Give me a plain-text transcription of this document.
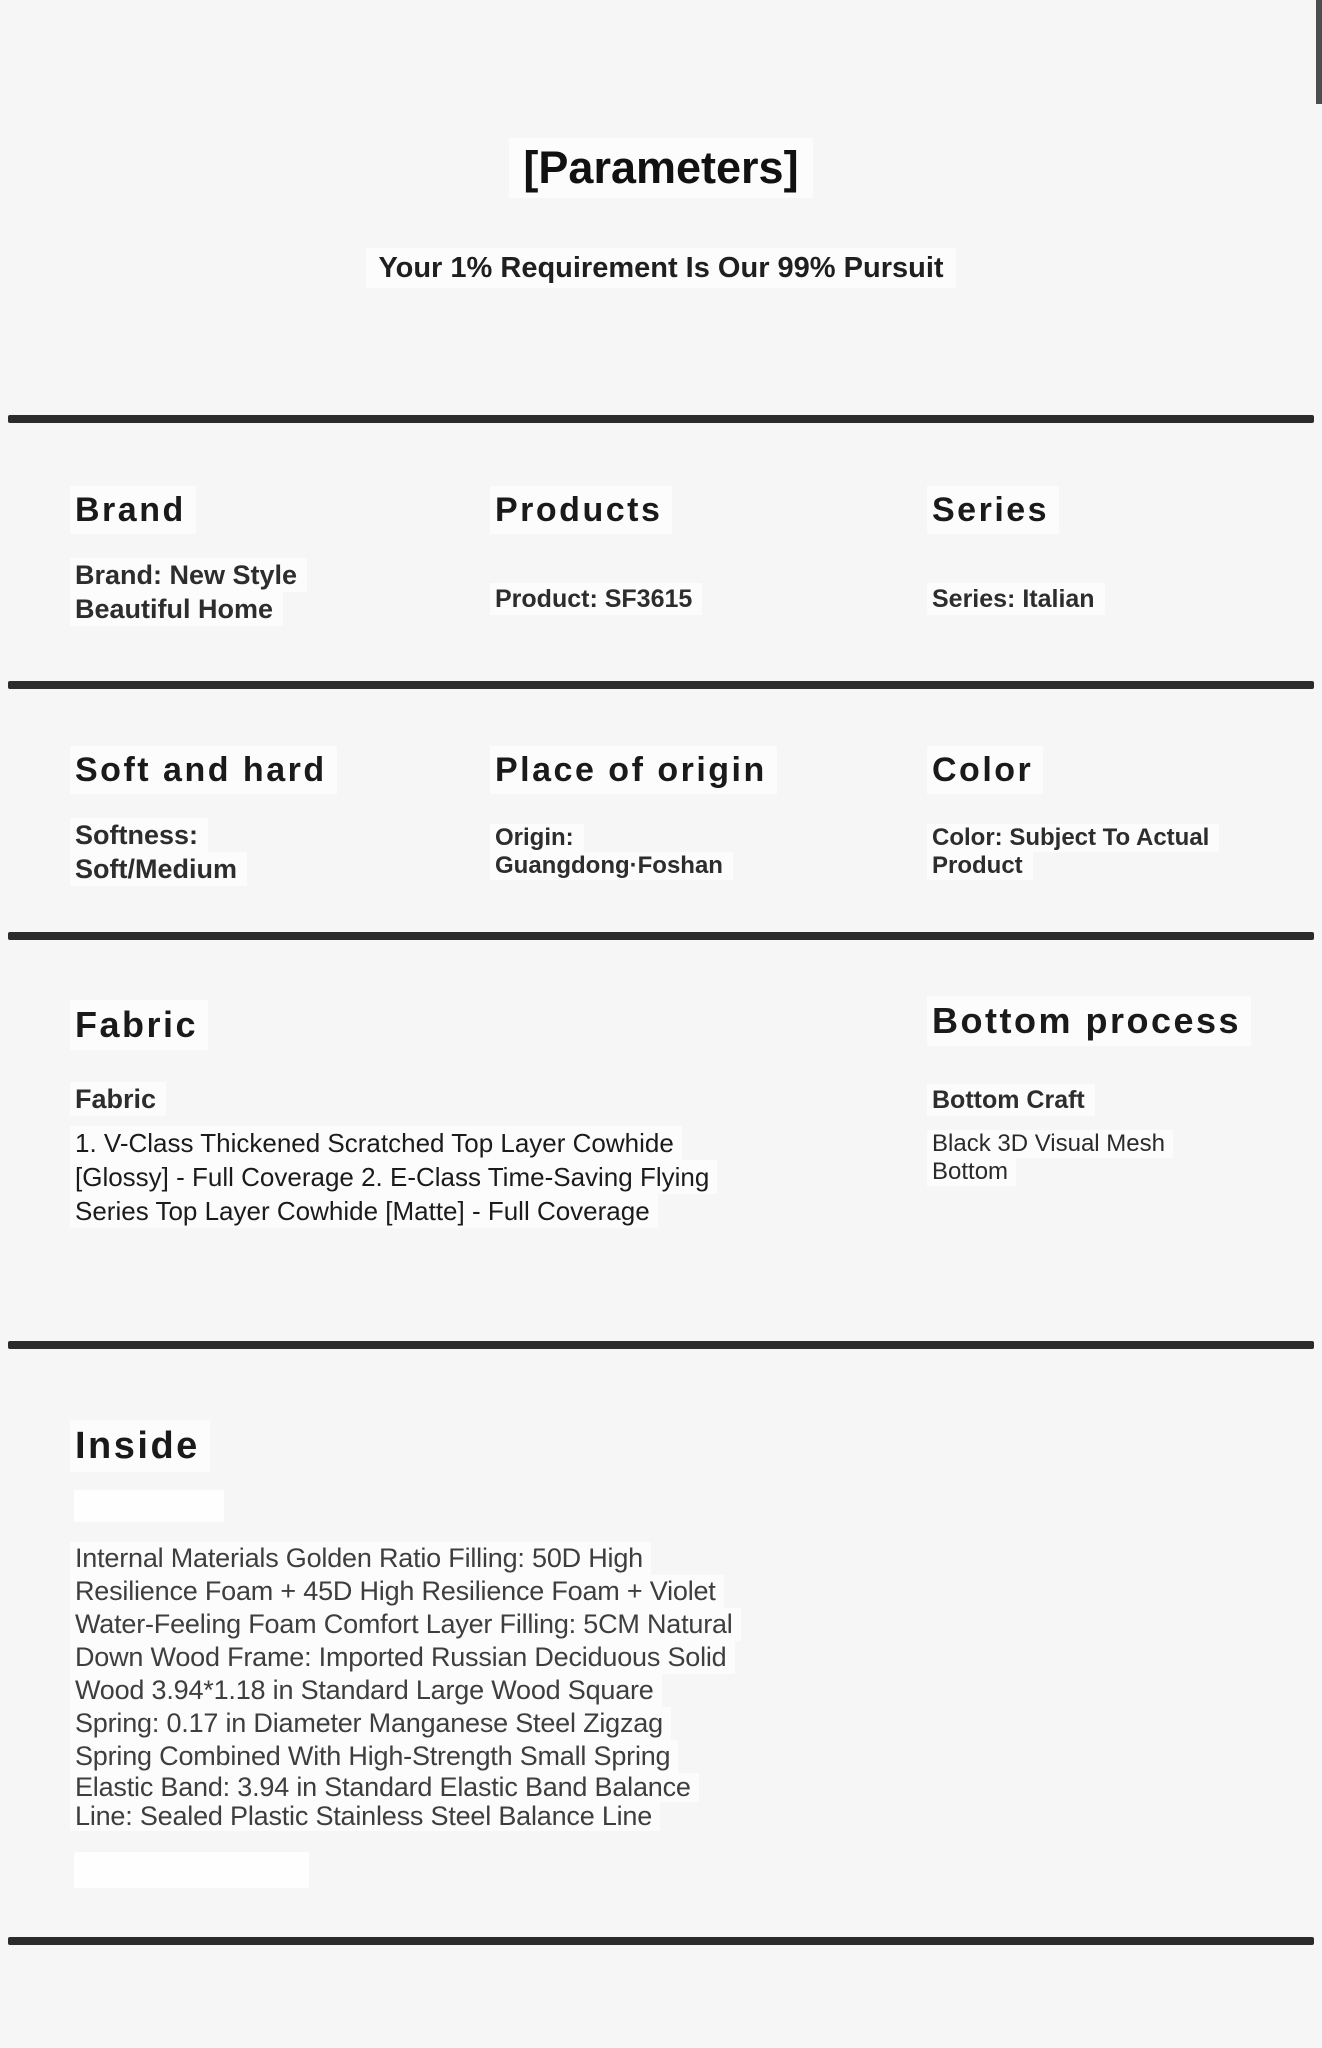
[Parameters]
Your 1% Requirement Is Our 99% Pursuit
Brand
Brand: New Style
Beautiful Home
Products
Product: SF3615
Series
Series: Italian
Soft and hard
Softness:
Soft/Medium
Place of origin
Origin:
Guangdong·Foshan
Color
Color: Subject To Actual
Product
Fabric
Fabric
1. V-Class Thickened Scratched Top Layer Cowhide
[Glossy] - Full Coverage 2. E-Class Time-Saving Flying
Series Top Layer Cowhide [Matte] - Full Coverage
Bottom process
Bottom Craft
Black 3D Visual Mesh
Bottom
Inside
Internal Materials Golden Ratio Filling: 50D High
Resilience Foam + 45D High Resilience Foam + Violet
Water-Feeling Foam Comfort Layer Filling: 5CM Natural
Down Wood Frame: Imported Russian Deciduous Solid
Wood 3.94*1.18 in Standard Large Wood Square
Spring: 0.17 in Diameter Manganese Steel Zigzag
Spring Combined With High-Strength Small Spring
Elastic Band: 3.94 in Standard Elastic Band Balance
Line: Sealed Plastic Stainless Steel Balance Line
